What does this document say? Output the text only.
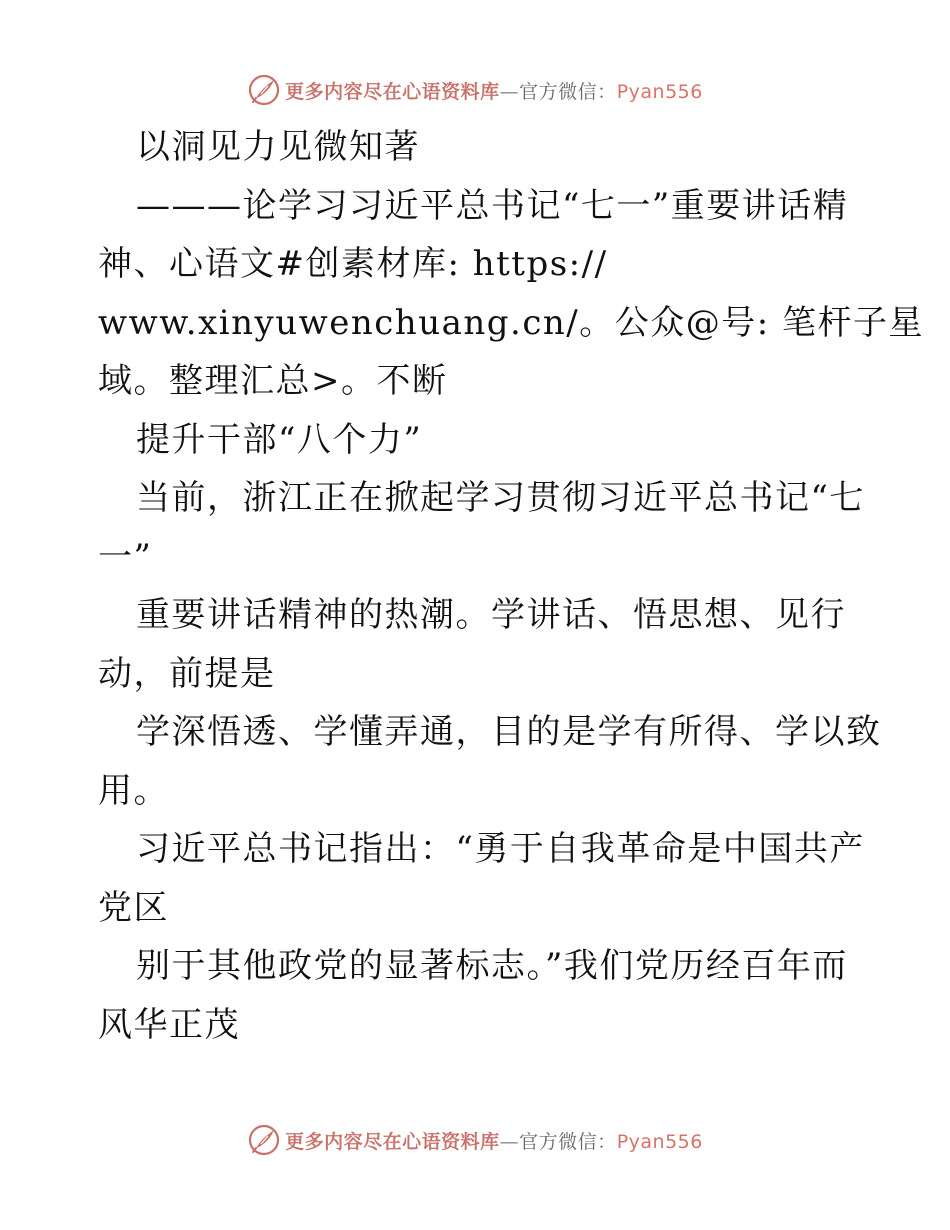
更多内容尽在心语资料库—官方微信：Pyan556
以洞见力见微知著
———论学习习近平总书记“七一”重要讲话精
神、心语文#创素材库: https://
www.xinyuwenchuang.cn/。公众@号: 笔杆子星
域。整理汇总>。不断
提升干部“八个力”
当前，浙江正在掀起学习贯彻习近平总书记“七
一”
重要讲话精神的热潮。学讲话、悟思想、见行
动，前提是
学深悟透、学懂弄通，目的是学有所得、学以致
用。
习近平总书记指出：“勇于自我革命是中国共产
党区
别于其他政党的显著标志。”我们党历经百年而
风华正茂
更多内容尽在心语资料库—官方微信：Pyan556
